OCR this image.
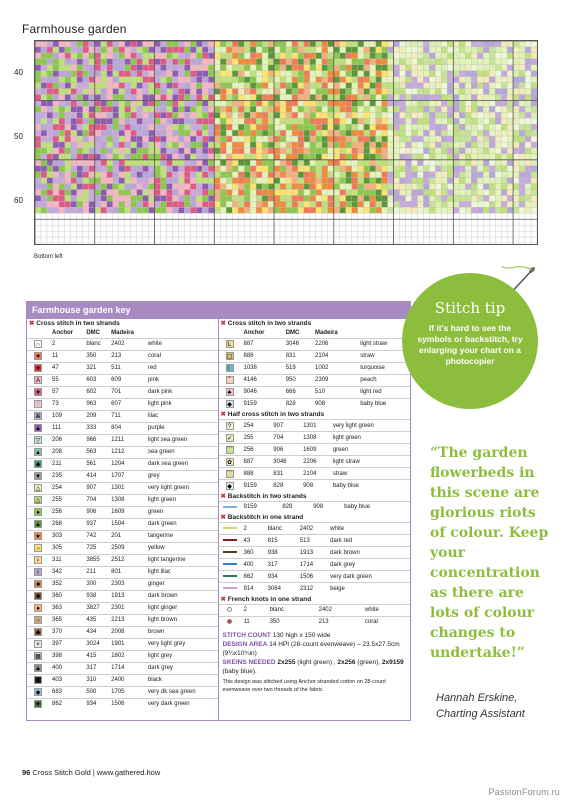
Farmhouse garden
40
50
60
Bottom left
Farmhouse garden key
✖ Cross stitch in two strands
	Anchor	DMC	Madeira	
∩	2	blanc	2402	white
♥	11	350	213	coral
♥	47	321	511	red
A	55	603	609	pink
♥	57	602	701	dark pink
♡	73	963	607	light pink
⌘	109	209	711	lilac
▲	111	333	804	purple
▽	206	966	1211	light sea green
▲	208	563	1212	sea green
◆	211	561	1204	dark sea green
▼	235	414	1707	grey
△	254	907	1301	very light green
△	255	704	1308	light green
●	256	906	1609	green
▲	268	937	1504	dark green
★	303	742	201	tangerine
○	305	725	2509	yellow
♀	311	3855	2512	light tangerine
I	342	211	801	light lilac
■	352	300	2303	ginger
■	360	938	1913	dark brown
●	363	3827	2301	light ginger
○	365	435	2213	light brown
◆	370	434	2008	brown
×	397	3024	1901	very light grey
▦	398	415	1802	light grey
▲	400	317	1714	dark grey
■	403	310	2400	black
◆	683	500	1705	very dk sea green
▼	862	934	1506	very dark green
✖ Cross stitch in two strands
	Anchor	DMC	Madeira	
L	887	3046	2206	light straw
▢	888	831	2104	straw
☾	1038	519	1002	turquoise
ˇ	4146	950	2309	peach
♣	9046	666	510	light red
◆	9159	828	908	baby blue
✖ Half cross stitch in two strands
?	254	907	1301	very light green
✓	255	704	1308	light green
⌒	256	906	1609	green
✿	887	3046	2206	light straw
⌒	888	831	2104	straw
◆	9159	828	908	baby blue
✖ Backstitch in two strands
	9159	828	908	baby blue
✖ Backstitch in one strand
	2	blanc	2402	white
	43	815	513	dark red
	360	938	1913	dark brown
	400	317	1714	dark grey
	862	934	1506	very dark green
	914	3064	2312	beige
✖ French knots in one strand
	2	blanc	2402	white
	11	350	213	coral
STITCH COUNT 130 high x 150 wide
DESIGN AREA 14 HPI (28-count evenweave) – 23.5x27.5cm (9¼x10¾in)
SKEINS NEEDED 2x255 (light green) , 2x256 (green), 2x9159 (baby blue).
This design was stitched using Anchor stranded cotton on 28-count evenweave over two threads of the fabric
Stitch tip
If it's hard to see the symbols or backstitch, try enlarging your chart on a photocopier
“The garden flowerbeds in this scene are glorious riots of colour. Keep your concentration as there are lots of colour changes to undertake!”
Hannah Erskine,
Charting Assistant
96 Cross Stitch Gold | www.gathered.how
PassionForum.ru
